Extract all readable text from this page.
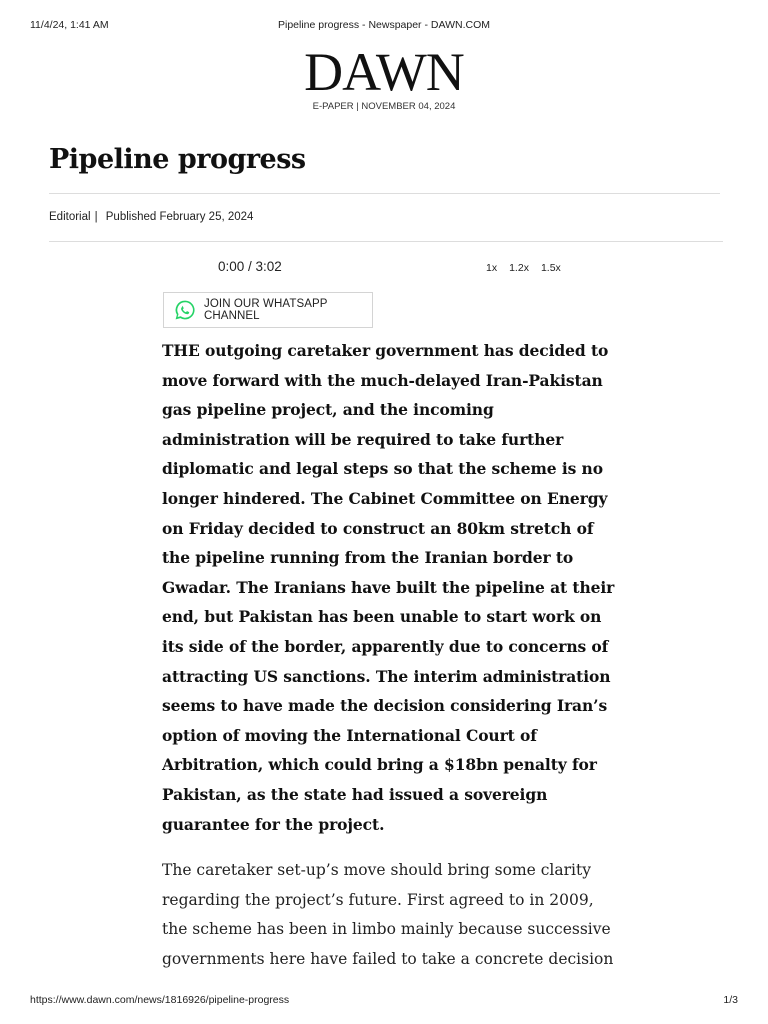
11/4/24, 1:41 AM	Pipeline progress - Newspaper - DAWN.COM
DAWN
E-PAPER | NOVEMBER 04, 2024
Pipeline progress
Editorial | Published February 25, 2024
0:00 / 3:02	1x 1.2x 1.5x
JOIN OUR WHATSAPP CHANNEL

THE outgoing caretaker government has decided to move forward with the much-delayed Iran-Pakistan gas pipeline project, and the incoming administration will be required to take further diplomatic and legal steps so that the scheme is no longer hindered. The Cabinet Committee on Energy on Friday decided to construct an 80km stretch of the pipeline running from the Iranian border to Gwadar. The Iranians have built the pipeline at their end, but Pakistan has been unable to start work on its side of the border, apparently due to concerns of attracting US sanctions. The interim administration seems to have made the decision considering Iran’s option of moving the International Court of Arbitration, which could bring a $18bn penalty for Pakistan, as the state had issued a sovereign guarantee for the project.

The caretaker set-up’s move should bring some clarity regarding the project’s future. First agreed to in 2009, the scheme has been in limbo mainly because successive governments here have failed to take a concrete decision

https://www.dawn.com/news/1816926/pipeline-progress	1/3
